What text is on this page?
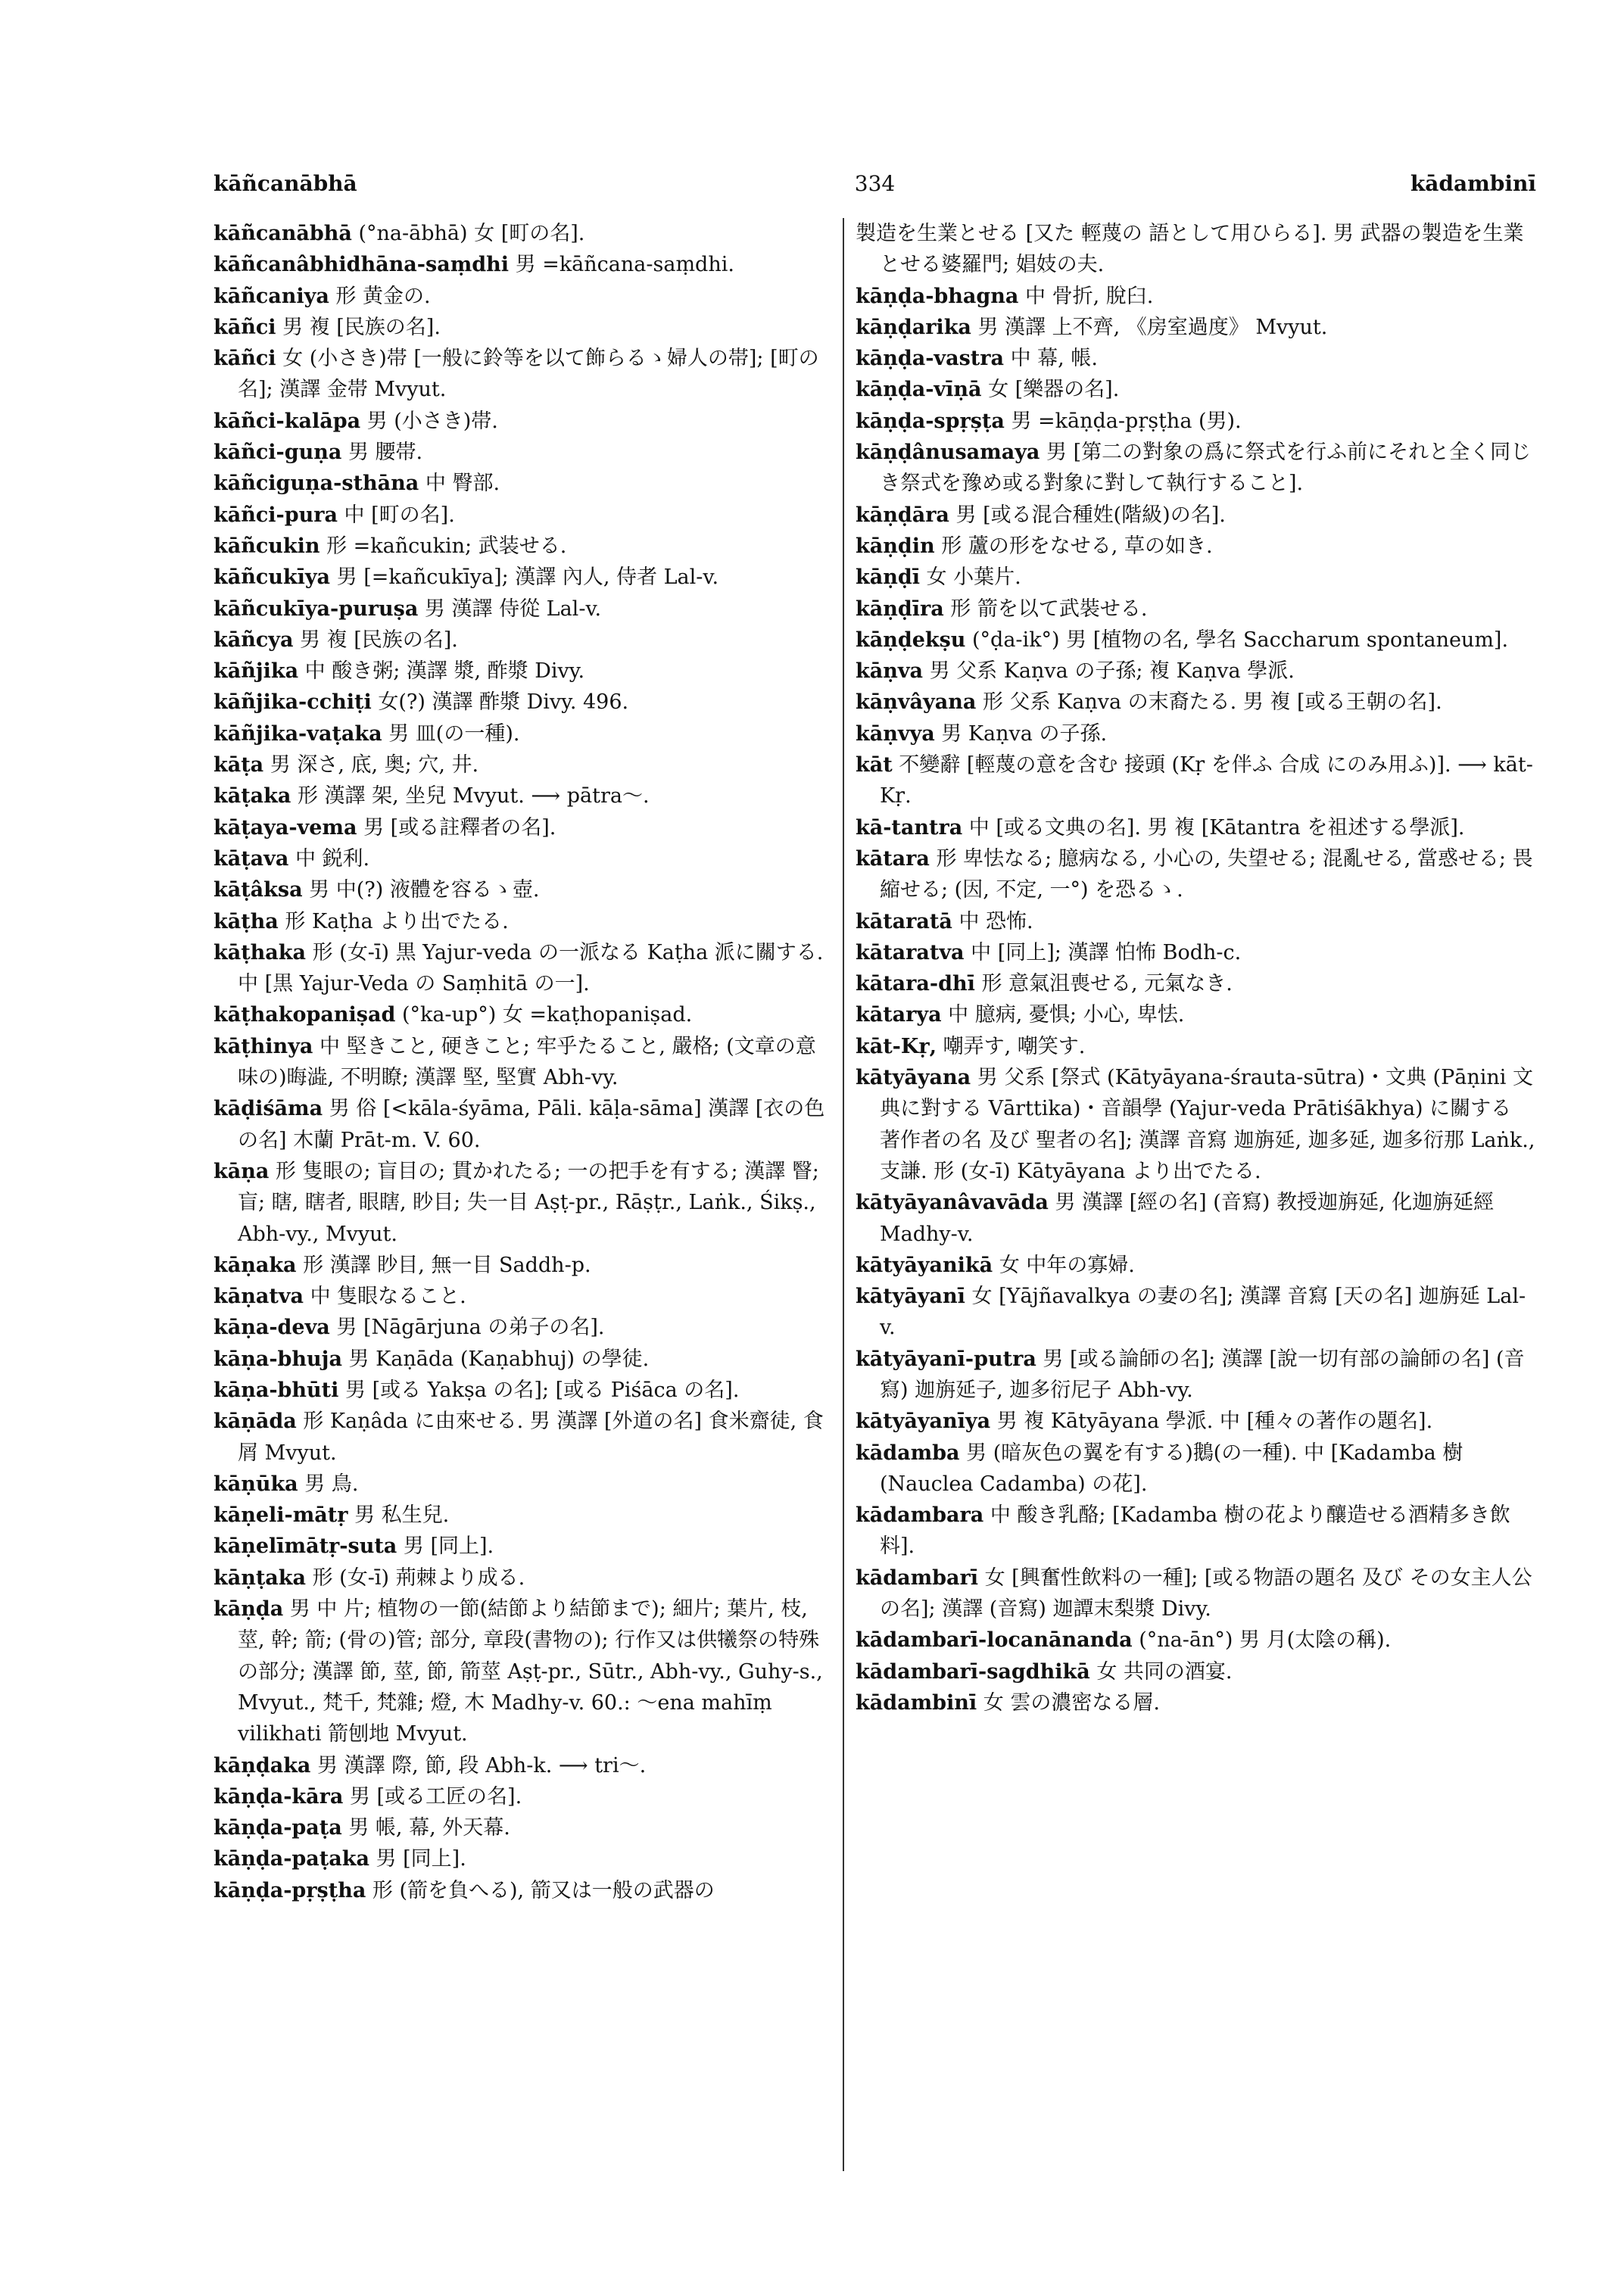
kāñcanābhā	334	kādambinī

kāñcanābhā (°na-ābhā) 女 [町の名].

kāñcanâbhidhāna-saṃdhi 男 =kāñcana-saṃdhi.

kāñcaniya 形 黄金の.

kāñci 男 複 [民族の名].

kāñci 女 (小さき)帯 [一般に鈴等を以て飾らるゝ婦人の帯]; [町の名]; 漢譯 金帯 Mvyut.

kāñci-kalāpa 男 (小さき)帯.

kāñci-guṇa 男 腰帯.

kāñciguṇa-sthāna 中 臀部.

kāñci-pura 中 [町の名].

kāñcukin 形 =kañcukin; 武装せる.

kāñcukīya 男 [=kañcukīya]; 漢譯 內人, 侍者 Lal-v.

kāñcukīya-puruṣa 男 漢譯 侍從 Lal-v.

kāñcya 男 複 [民族の名].

kāñjika 中 酸き粥; 漢譯 漿, 酢漿 Divy.

kāñjika-cchiṭi 女(?) 漢譯 酢漿 Divy. 496.

kāñjika-vaṭaka 男 皿(の一種).

kāṭa 男 深さ, 底, 奥; 穴, 井.

kāṭaka 形 漢譯 架, 坐兒 Mvyut. ⟶ pātra〜.

kāṭaya-vema 男 [或る註釋者の名].

kāṭava 中 鋭利.

kāṭâksa 男 中(?) 液體を容るゝ壺.

kāṭha 形 Kaṭha より出でたる.

kāṭhaka 形 (女-ī) 黒 Yajur-veda の一派なる Kaṭha 派に關する. 中 [黒 Yajur-Veda の Saṃhitā の一].

kāṭhakopaniṣad (°ka-up°) 女 =kaṭhopaniṣad.

kāṭhinya 中 堅きこと, 硬きこと; 牢乎たること, 嚴格; (文章の意味の)晦澁, 不明瞭; 漢譯 堅, 堅實 Abh-vy.

kāḍiśāma 男 俗 [<kāla-śyāma, Pāli. kāḷa-sāma] 漢譯 [衣の色の名] 木蘭 Prāt-m. V. 60.

kāṇa 形 隻眼の; 盲目の; 貫かれたる; 一の把手を有する; 漢譯 瞖; 盲; 瞎, 瞎者, 眼瞎, 眇目; 失一目 Aṣṭ-pr., Rāṣṭr., Laṅk., Śikṣ., Abh-vy., Mvyut.

kāṇaka 形 漢譯 眇目, 無一目 Saddh-p.

kāṇatva 中 隻眼なること.

kāṇa-deva 男 [Nāgārjuna の弟子の名].

kāṇa-bhuja 男 Kaṇāda (Kaṇabhuj) の學徒.

kāṇa-bhūti 男 [或る Yakṣa の名]; [或る Piśāca の名].

kāṇāda 形 Kaṇâda に由來せる. 男 漢譯 [外道の名] 食米齋徒, 食屑 Mvyut.

kāṇūka 男 鳥.

kāṇeli-mātṛ 男 私生兒.

kāṇelīmātṛ-suta 男 [同上].

kāṇṭaka 形 (女-ī) 荊棘より成る.

kāṇḍa 男 中 片; 植物の一節(結節より結節まで); 細片; 葉片, 枝, 莖, 幹; 箭; (骨の)管; 部分, 章段(書物の); 行作又は供犧祭の特殊の部分; 漢譯 節, 莖, 節, 箭莖 Aṣṭ-pr., Sūtr., Abh-vy., Guhy-s., Mvyut., 梵千, 梵雜; 燈, 木 Madhy-v. 60.: 〜ena mahīṃ vilikhati 箭刨地 Mvyut.

kāṇḍaka 男 漢譯 際, 節, 段 Abh-k. ⟶ tri〜.

kāṇḍa-kāra 男 [或る工匠の名].

kāṇḍa-paṭa 男 帳, 幕, 外天幕.

kāṇḍa-paṭaka 男 [同上].

kāṇḍa-pṛṣṭha 形 (箭を負へる), 箭又は一般の武器の

製造を生業とせる [又た 輕蔑の 語として用ひらる]. 男 武器の製造を生業とせる婆羅門; 娼妓の夫.

kāṇḍa-bhagna 中 骨折, 脫臼.

kāṇḍarika 男 漢譯 上不齊, 《房室過度》 Mvyut.

kāṇḍa-vastra 中 幕, 帳.

kāṇḍa-vīṇā 女 [樂器の名].

kāṇḍa-spṛṣṭa 男 =kāṇḍa-pṛṣṭha (男).

kāṇḍânusamaya 男 [第二の對象の爲に祭式を行ふ前にそれと全く同じき祭式を豫め或る對象に對して執行すること].

kāṇḍāra 男 [或る混合種姓(階級)の名].

kāṇḍin 形 蘆の形をなせる, 草の如き.

kāṇḍī 女 小葉片.

kāṇḍīra 形 箭を以て武裝せる.

kāṇḍekṣu (°ḍa-ik°) 男 [植物の名, 學名 Saccharum spontaneum].

kāṇva 男 父系 Kaṇva の子孫; 複 Kaṇva 學派.

kāṇvâyana 形 父系 Kaṇva の末裔たる. 男 複 [或る王朝の名].

kāṇvya 男 Kaṇva の子孫.

kāt 不變辭 [輕蔑の意を含む 接頭 (Kṛ を伴ふ 合成 にのみ用ふ)]. ⟶ kāt-Kṛ.

kā-tantra 中 [或る文典の名]. 男 複 [Kātantra を祖述する學派].

kātara 形 卑怯なる; 臆病なる, 小心の, 失望せる; 混亂せる, 當惑せる; 畏縮せる; (因, 不定, 一°) を恐るゝ.

kātaratā 中 恐怖.

kātaratva 中 [同上]; 漢譯 怕怖 Bodh-c.

kātara-dhī 形 意氣沮喪せる, 元氣なき.

kātarya 中 臆病, 憂惧; 小心, 卑怯.

kāt-Kṛ, 嘲弄す, 嘲笑す.

kātyāyana 男 父系 [祭式 (Kātyāyana-śrauta-sūtra)・文典 (Pāṇini 文典に對する Vārttika)・音韻學 (Yajur-veda Prātiśākhya) に關する 著作者の名 及び 聖者の名]; 漢譯 音寫 迦旃延, 迦多延, 迦多衍那 Laṅk., 支謙. 形 (女-ī) Kātyāyana より出でたる.

kātyāyanâvavāda 男 漢譯 [經の名] (音寫) 教授迦旃延, 化迦旃延經 Madhy-v.

kātyāyanikā 女 中年の寡婦.

kātyāyanī 女 [Yājñavalkya の妻の名]; 漢譯 音寫 [天の名] 迦旃延 Lal-v.

kātyāyanī-putra 男 [或る論師の名]; 漢譯 [說一切有部の論師の名] (音寫) 迦旃延子, 迦多衍尼子 Abh-vy.

kātyāyanīya 男 複 Kātyāyana 學派. 中 [種々の著作の題名].

kādamba 男 (暗灰色の翼を有する)鵝(の一種). 中 [Kadamba 樹 (Nauclea Cadamba) の花].

kādambara 中 酸き乳酪; [Kadamba 樹の花より釀造せる酒精多き飲料].

kādambarī 女 [興奮性飲料の一種]; [或る物語の題名 及び その女主人公の名]; 漢譯 (音寫) 迦譚末梨漿 Divy.

kādambarī-locanānanda (°na-ān°) 男 月(太陰の稱).

kādambarī-sagdhikā 女 共同の酒宴.

kādambinī 女 雲の濃密なる層.
